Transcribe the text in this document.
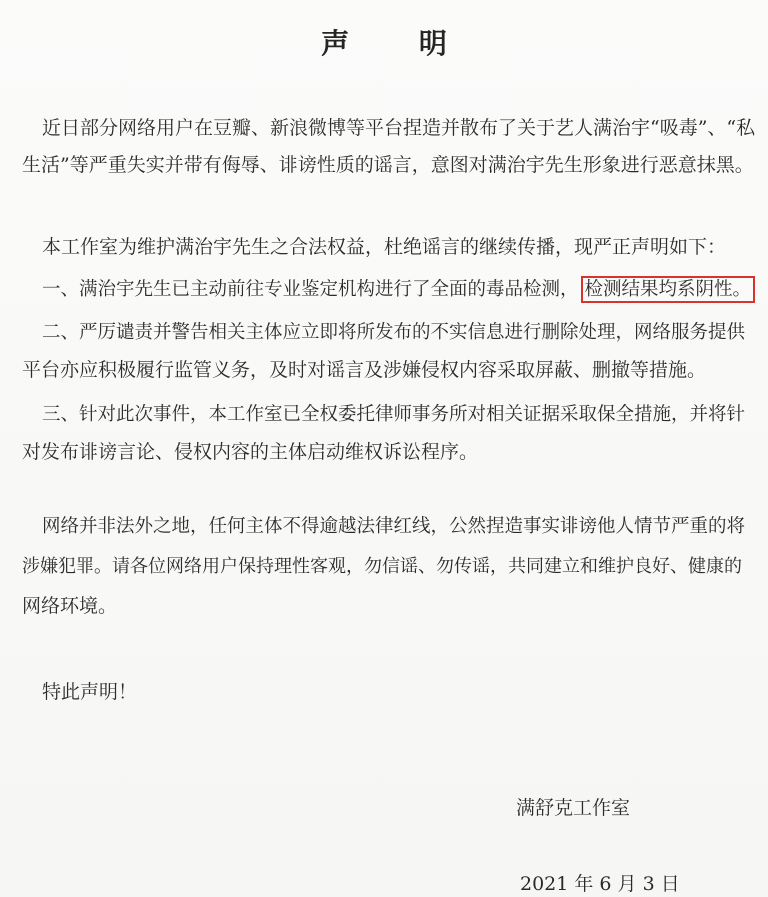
声 明
近日部分网络用户在豆瓣、新浪微博等平台捏造并散布了关于艺人满治宇“吸毒”、“私
生活”等严重失实并带有侮辱、诽谤性质的谣言，意图对满治宇先生形象进行恶意抹黑。
本工作室为维护满治宇先生之合法权益，杜绝谣言的继续传播，现严正声明如下：
一、满治宇先生已主动前往专业鉴定机构进行了全面的毒品检测， 检测结果均系阴性。
二、严厉谴责并警告相关主体应立即将所发布的不实信息进行删除处理，网络服务提供
平台亦应积极履行监管义务，及时对谣言及涉嫌侵权内容采取屏蔽、删撤等措施。
三、针对此次事件，本工作室已全权委托律师事务所对相关证据采取保全措施，并将针
对发布诽谤言论、侵权内容的主体启动维权诉讼程序。
网络并非法外之地，任何主体不得逾越法律红线，公然捏造事实诽谤他人情节严重的将
涉嫌犯罪。请各位网络用户保持理性客观，勿信谣、勿传谣，共同建立和维护良好、健康的
网络环境。
特此声明！
满舒克工作室
2021 年 6 月 3 日
